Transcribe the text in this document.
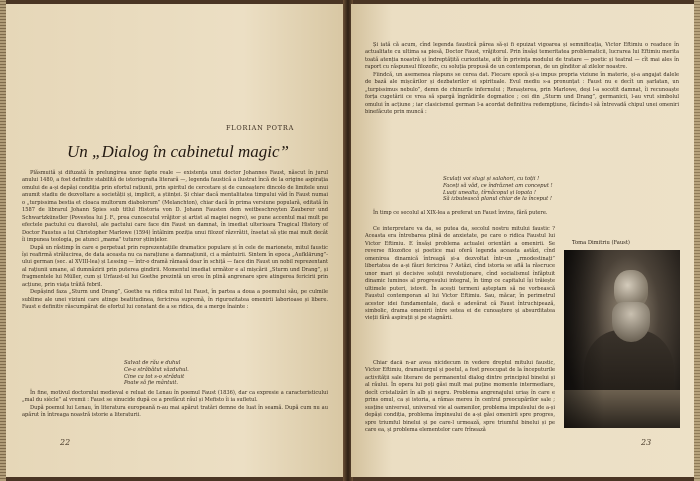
FLORIAN POTRA
Un „Dialog în cabinetul magic”

Plăsmuită și difuzată în prelungirea unor fapte reale — existența unui doctor Johannes Faust, născut în jurul anului 1480, a fost definitiv stabilită de istoriografia literară —, legenda faustică a ilustrat încă de la origine aspirația omului de a-și depăși condiția prin efortul rațiunii, prin spiritul de cercetare și de cunoaștere dincolo de limitele unui anumit stadiu de dezvoltare a societății și, implicit, a științei. Și chiar dacă mentalitatea timpului văd în Faust numai o „turpissima bestia et cloaca multorum diabolorum” (Melanchton), chiar dacă în prima versiune populară, editată în 1587 de librarul Johann Spies sub titlul Historia von D. Johann Fausten dem weitbeschreyten Zauberer und Schwartzkünstler (Povestea lui J. F., prea cunoscutul vrăjitor și artist al magiei negre), se pune accentul mai mult pe efectele pactului cu diavolul, ale pactului care face din Faust un damnat, în imediat ulterioara Tragical History of Doctor Faustus a lui Christopher Marlowe (1594) întâlnim poziția unui filozof răzvrătit, însetat să știe mai mult decât îi impunea teologia, pe atunci „mama” tuturor științelor.

După un răstimp în care e perpetuat prin reprezentațiile dramatice populare și în cele de marionete, mitul faustic își reafirmă strălucirea, de data aceasta nu ca narațiune a damnațiunii, ci a mântuirii. Sintem în epoca „Aufklärung”-ului german (sec. al XVIII-lea) și Lessing — într-o dramă rămasă doar în schiță — face din Faust un nobil reprezentant al rațiunii umane, al dumnăzirii prin puterea gindirii. Momentul imediat următor e al mișcării „Sturm und Drang”, și fragmentele lui Müller, cum și Urfaust-ul lui Goethe prezintă un erou în plină angrenare spre atingerea fericirii prin acțiune, prin viața trăită febril.

Depășind faza „Sturm und Drang”, Goethe va ridica mitul lui Faust, în partea a doua a poemului său, pe culmile sublime ale unei viziuni care atinge beatitudinea, fericirea supremă, în rigurozitatea omenirii laborioase și libere. Faust e definitiv răscumpărat de efortul lui constant de a se ridica, de a merge înainte :

Salvat de rău e duhul
Ce-a străbătut văzduhul.
Cine ca tot s-o străduit
Poate să fie mântuit.

În fine, motivul doctorului medieval e reluat de Lenau în poemul Faust (1836), dar ca expresie a caracteristicului „mal du siècle” al vremii : Faust se sinucide după ce a prefăcut răul și Mefisto îi ia sufletul.

După poemul lui Lenau, în literatura europeană n-au mai apărut tratări demne de luat în seamă. După cum nu au apărut în întreaga noastră istorie a literaturii.

22

Și iată că acum, cînd legenda faustică părea să-și fi epuizat vigoarea și semnificația, Victor Eftimiu o readuce în actualitate cu ultima sa piesă, Doctor Faust, vrăjitorul. Prin însăși temeritatea problematicii, lucrarea lui Eftimiu merita toată atenția noastră și îndreptățită curiozitate, atît în privința modului de tratare — poetic și teatral — cît mai ales în raport cu răspunsul filozofic, cu soluția propusă de un contemporan, de un gînditor al zilelor noastre.

Fiindcă, un asemenea răspuns se cerea dat. Fiecare epocă și-a impus propria viziune în materie, și-a angajat dalele de bază ale mișcărilor și dezbaterilor ei spirituale. Evul mediu s-a pronunțat : Faust nu e decît un șarlatan, un „turpissimus nebulo”, demn de chinurile infernului ; Renașterea, prin Marlowe, deși l-a socotit damnat, îi recunoaște forța cugetării ce vrea să spargă îngrădirile dogmatice ; cei din „Sturm und Drang”, germanicii, l-au vrut simbolul omului în acțiune ; iar clasicismul german l-a acordat definitiva redempțiune, făcîndu-l să întrevadă chipul unei omeniri binefăcute prin muncă :

Sculați voi slugi și salahori, cu toții !
Faceți să văd, ce îndrăznet am conceput !
Luați unealta, tîrnăcopul și lopata !
Să izbutească planul chiar de la început !

În timp ce secolul al XIX-lea a preferat un Faust învins, fără putere.

Ce interpretare va da, se putea da, secolul nostru mitului faustic ? Aceasta era întrebarea plină de anxietate, pe care o ridica Faustul lui Victor Eftimiu. E însăși problema actualei orientări a omenirii. Se reverse filozofice și poetice mai oferă legenda aceasta astăzi, cînd omenirea dinamică întreagă și-a dezvoltat într-un „rmodestinați” libertatea de a-și făuri fericirea ? Astăzi, cînd istoria se află la răscruce unor mari și decisive soluții revoluționare, cînd socialismul înfăptuit dinamic luminos al progresului integral, în timp ce capitalul își trăiește ultimele puteri, istovit. În acești termeni așteptam să ne vorbească Faustul contemporan al lui Victor Eftimiu. Sau, măcar, în perimetrul acestor idei fundamentale, dacă e adevărat că Faust întruchipează, simbolic, drama omenirii între setea ei de cunoaștere și absurditatea vieții fără aspirații și pe stagnării.

Chiar dacă n-ar avea nicidecum în vedere dreptul mitului faustic, Victor Eftimiu, dramaturgul și poetul, a fost preocupat de la începuturile activității sale literare de permanentul dialog dintre principiul binelui și al răului. În opera lui poți găsi mult mai puține momente intermediare, decît cristalizări în alb și negru. Problema angrenajului uriaș în care e prins omul, ca și istoria, a rămas mereu în centrul preocupărilor sale ; susține universul, universul vie al oamenilor, problema impulsului de a-și depăși condiția, problema împinsului de a-și găsi omenirii spre progres, spre triumful binelui și pe care-l urmează, spre triumful binelui și pe care ea, și problema elementelor care frînează

Toma Dimitriu (Faust)
23
